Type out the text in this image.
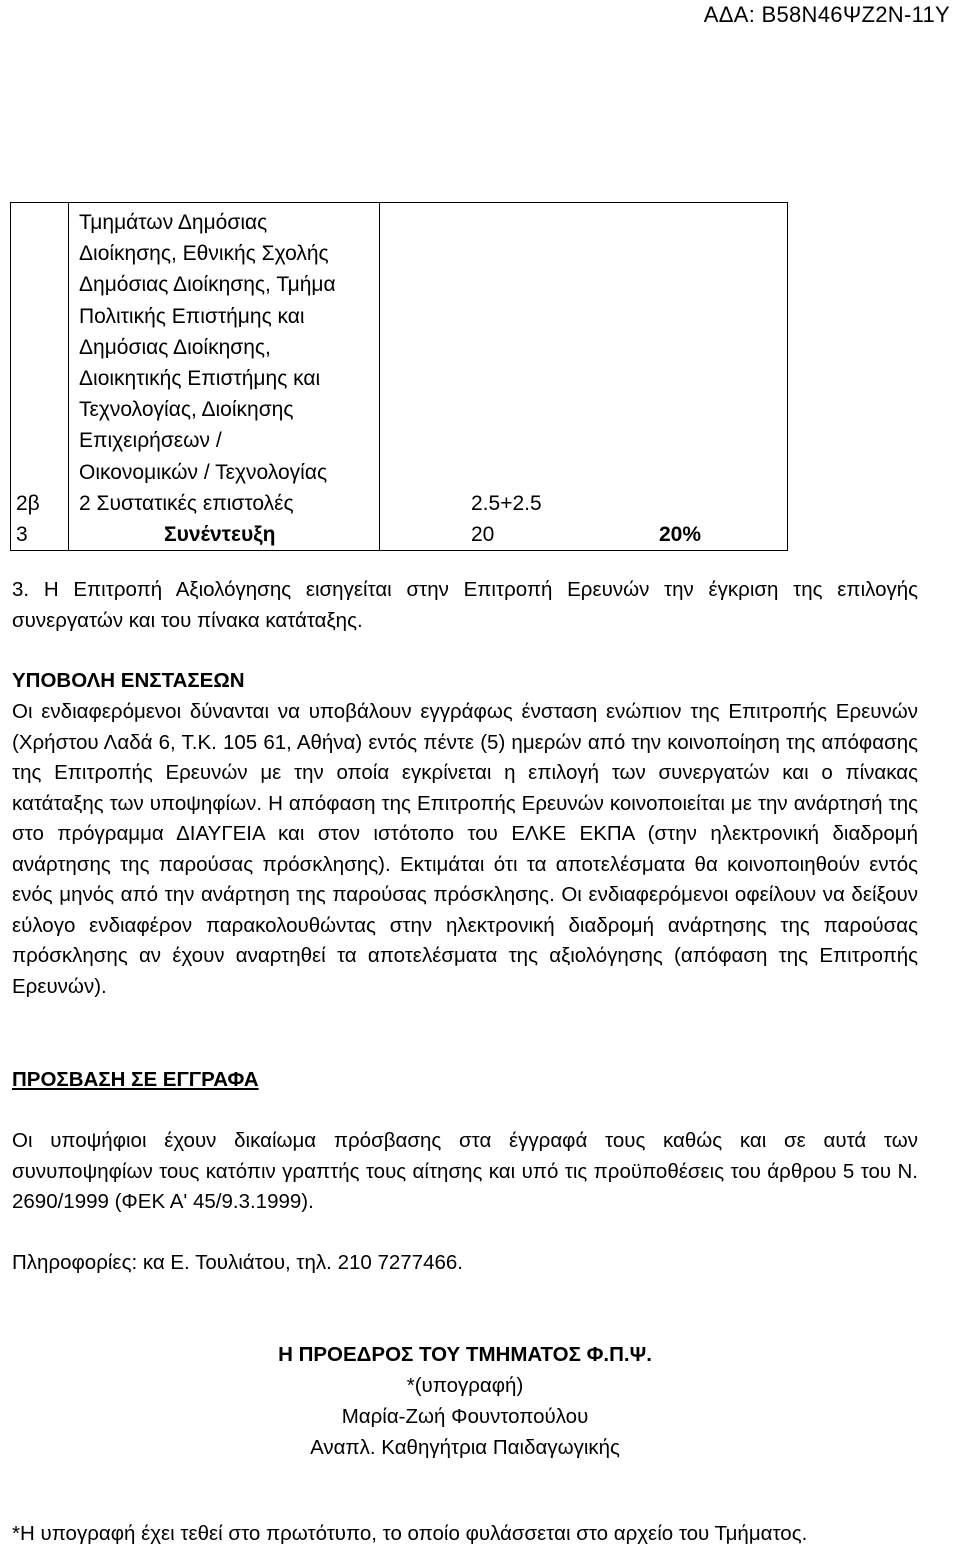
ΑΔΑ: Β58Ν46ΨΖ2Ν-11Υ
Τμημάτων Δημόσιας
Διοίκησης, Εθνικής Σχολής
Δημόσιας Διοίκησης, Τμήμα
Πολιτικής Επιστήμης και
Δημόσιας Διοίκησης,
Διοικητικής Επιστήμης και
Τεχνολογίας, Διοίκησης
Επιχειρήσεων /
Οικονομικών / Τεχνολογίας
2β 2 Συστατικές επιστολές	2.5+2.5
3	Συνέντευξη	20	20%

3. Η Επιτροπή Αξιολόγησης εισηγείται στην Επιτροπή Ερευνών την έγκριση της επιλογής συνεργατών και του πίνακα κατάταξης.

ΥΠΟΒΟΛΗ ΕΝΣΤΑΣΕΩΝ

Οι ενδιαφερόμενοι δύνανται να υποβάλουν εγγράφως ένσταση ενώπιον της Επιτροπής Ερευνών (Χρήστου Λαδά 6, Τ.Κ. 105 61, Αθήνα) εντός πέντε (5) ημερών από την κοινοποίηση της απόφασης της Επιτροπής Ερευνών με την οποία εγκρίνεται η επιλογή των συνεργατών και ο πίνακας κατάταξης των υποψηφίων. Η απόφαση της Επιτροπής Ερευνών κοινοποιείται με την ανάρτησή της στο πρόγραμμα ΔΙΑΥΓΕΙΑ και στον ιστότοπο του ΕΛΚΕ ΕΚΠΑ (στην ηλεκτρονική διαδρομή ανάρτησης της παρούσας πρόσκλησης). Εκτιμάται ότι τα αποτελέσματα θα κοινοποιηθούν εντός ενός μηνός από την ανάρτηση της παρούσας πρόσκλησης. Οι ενδιαφερόμενοι οφείλουν να δείξουν εύλογο ενδιαφέρον παρακολουθώντας στην ηλεκτρονική διαδρομή ανάρτησης της παρούσας πρόσκλησης αν έχουν αναρτηθεί τα αποτελέσματα της αξιολόγησης (απόφαση της Επιτροπής Ερευνών).

ΠΡΟΣΒΑΣΗ ΣΕ ΕΓΓΡΑΦΑ

Οι υποψήφιοι έχουν δικαίωμα πρόσβασης στα έγγραφά τους καθώς και σε αυτά των συνυποψηφίων τους κατόπιν γραπτής τους αίτησης και υπό τις προϋποθέσεις του άρθρου 5 του Ν. 2690/1999 (ΦΕΚ Α' 45/9.3.1999).

Πληροφορίες: κα Ε. Τουλιάτου, τηλ. 210 7277466.
Η ΠΡΟΕΔΡΟΣ ΤΟΥ ΤΜΗΜΑΤΟΣ Φ.Π.Ψ.
*(υπογραφή)
Μαρία-Ζωή Φουντοπούλου
Αναπλ. Καθηγήτρια Παιδαγωγικής
*Η υπογραφή έχει τεθεί στο πρωτότυπο, το οποίο φυλάσσεται στο αρχείο του Τμήματος.
